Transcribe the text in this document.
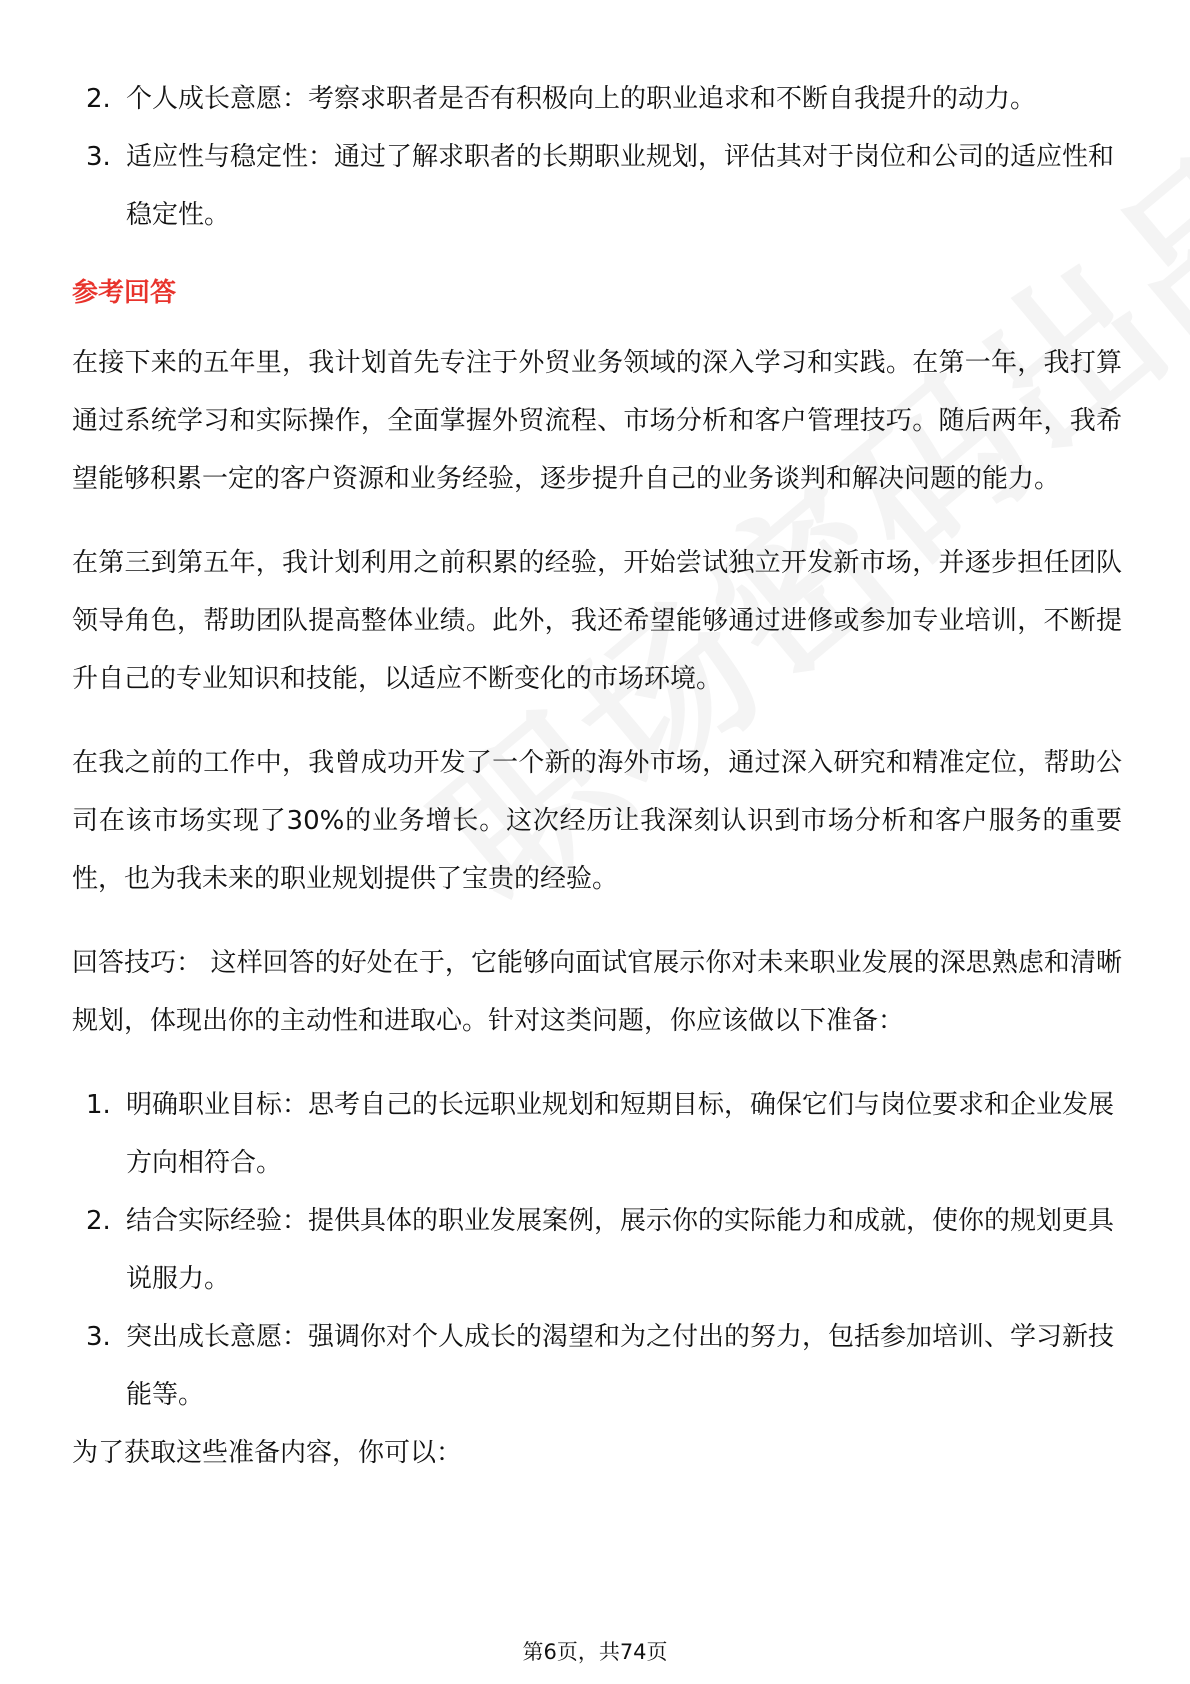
2. 个人成长意愿：考察求职者是否有积极向上的职业追求和不断自我提升的动力。
3. 适应性与稳定性：通过了解求职者的长期职业规划，评估其对于岗位和公司的适应性和稳定性。
参考回答

在接下来的五年里，我计划首先专注于外贸业务领域的深入学习和实践。在第一年，我打算通过系统学习和实际操作，全面掌握外贸流程、市场分析和客户管理技巧。随后两年，我希望能够积累一定的客户资源和业务经验，逐步提升自己的业务谈判和解决问题的能力。

在第三到第五年，我计划利用之前积累的经验，开始尝试独立开发新市场，并逐步担任团队领导角色，帮助团队提高整体业绩。此外，我还希望能够通过进修或参加专业培训，不断提升自己的专业知识和技能，以适应不断变化的市场环境。

在我之前的工作中，我曾成功开发了一个新的海外市场，通过深入研究和精准定位，帮助公司在该市场实现了30%的业务增长。这次经历让我深刻认识到市场分析和客户服务的重要性，也为我未来的职业规划提供了宝贵的经验。

回答技巧： 这样回答的好处在于，它能够向面试官展示你对未来职业发展的深思熟虑和清晰规划，体现出你的主动性和进取心。针对这类问题，你应该做以下准备：

1. 明确职业目标：思考自己的长远职业规划和短期目标，确保它们与岗位要求和企业发展方向相符合。
2. 结合实际经验：提供具体的职业发展案例，展示你的实际能力和成就，使你的规划更具说服力。
3. 突出成长意愿：强调你对个人成长的渴望和为之付出的努力，包括参加培训、学习新技能等。

为了获取这些准备内容，你可以：

第6页，共74页
